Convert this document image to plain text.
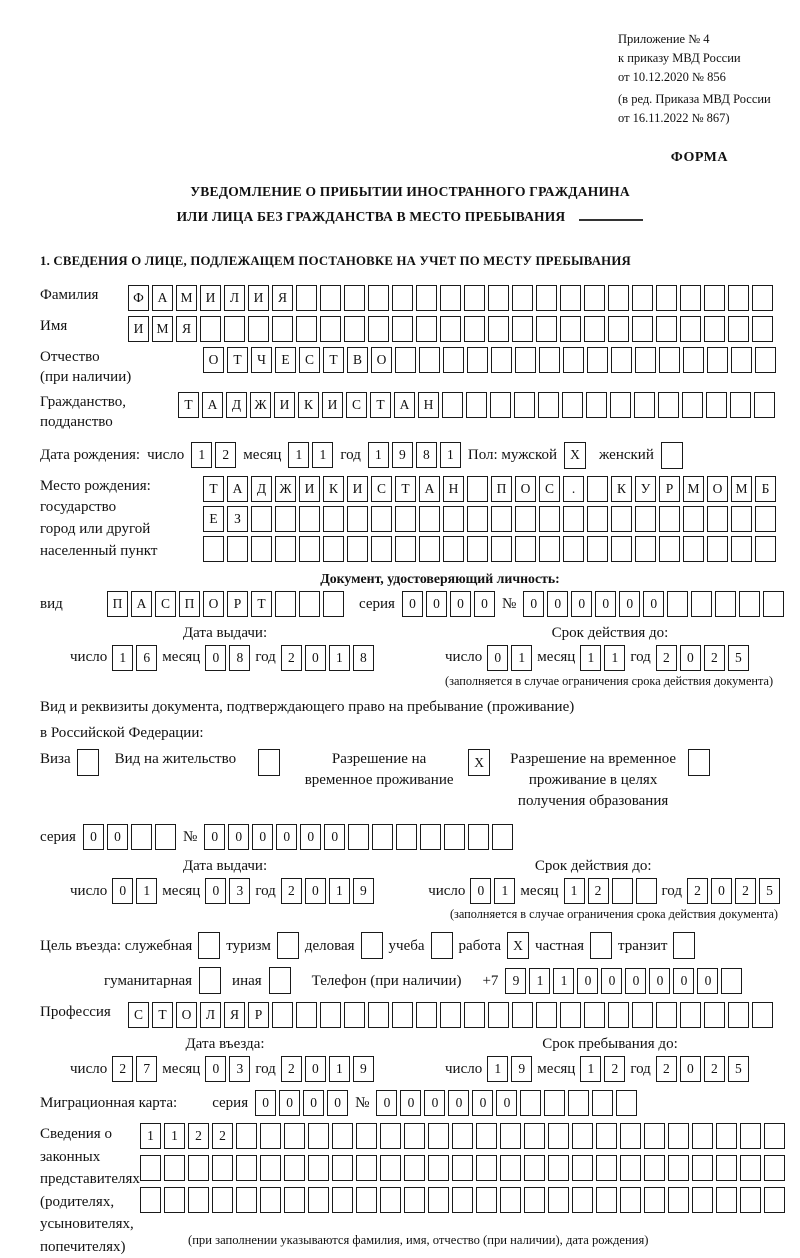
Приложение № 4
к приказу МВД России
от 10.12.2020 № 856
(в ред. Приказа МВД России
от 16.11.2022 № 867)
ФОРМА
УВЕДОМЛЕНИЕ О ПРИБЫТИИ ИНОСТРАННОГО ГРАЖДАНИНА
ИЛИ ЛИЦА БЕЗ ГРАЖДАНСТВА В МЕСТО ПРЕБЫВАНИЯ
1. СВЕДЕНИЯ О ЛИЦЕ, ПОДЛЕЖАЩЕМ ПОСТАНОВКЕ НА УЧЕТ ПО МЕСТУ ПРЕБЫВАНИЯ
Фамилия	Ф	А М И	Л	И	Я
Имя	И М Я
Отчество
(при наличии)
О	Т	Ч	Е	С	Т	В	О
Гражданство,
подданство
Т	А	Д Ж И	К	И	С	Т	А	Н
Дата рождения: число	1	2 месяц	1	1 год	1	9	8	1 Пол: мужской X	женский
Место рождения:
государство
город или другой
населенный пункт
Т	А	Д Ж И	К	И	С	Т	А	Н	П	О	С	.	К	У	Р	М О М	Б
Е	З
Документ, удостоверяющий личность:
вид	П	А	С	П	О	Р	Т	серия	0	0	0	0 №	0	0	0	0	0	0
Дата выдачи:
число 1	6 месяц 0	8 год 2	0	1	8
Срок действия до:
число 0	1 месяц 1	1 год 2	0	2	5
(заполняется в случае ограничения срока действия документа)
Вид и реквизиты документа, подтверждающего право на пребывание (проживание)
в Российской Федерации:
Виза	Вид на жительство	Разрешение на временное проживание
X	Разрешение на временное проживание в целях получения образования
серия	0	0	№	0	0	0	0	0	0
Дата выдачи:
число 0	1 месяц 0	3 год 2	0	1	9
Срок действия до:
число 0	1 месяц 1	2	год 2	0	2	5
(заполняется в случае ограничения срока действия документа)
Цель въезда: служебная туризм деловая учеба работа X частная транзит
гуманитарная	иная	Телефон (при наличии) +7	9	1	1	0	0	0	0	0	0
Профессия	С	Т	О	Л	Я	Р
Дата въезда:
число 2	7 месяц 0	3 год 2	0	1	9
Срок пребывания до:
число 1	9 месяц 1	2 год 2	0	2	5
Миграционная карта: серия	0	0	0	0 №	0	0	0	0	0	0
Сведения о
законных
представителях
(родителях,
усыновителях,
попечителях)
1	1	2	2
(при заполнении указываются фамилия, имя, отчество (при наличии), дата рождения)
